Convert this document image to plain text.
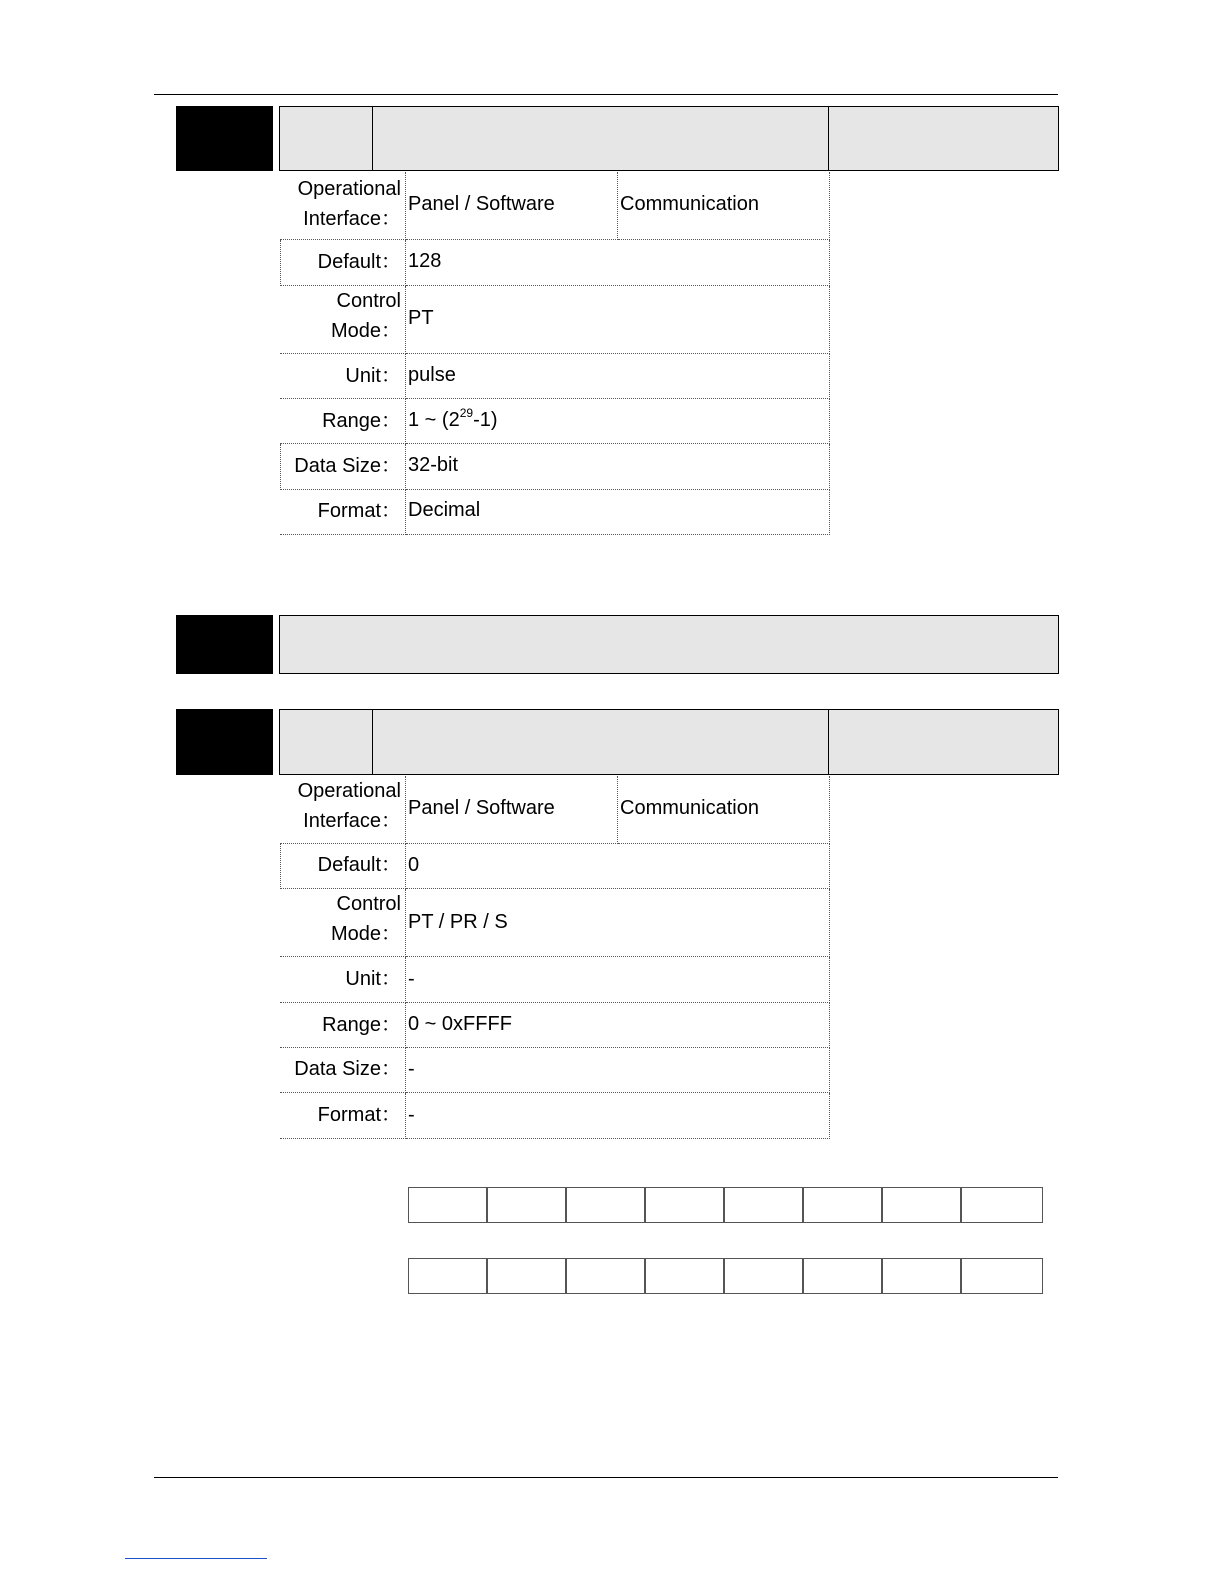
Operational
Interface：
Panel / Software	Communication
Default： 128
Control
Mode：
PT
Unit： pulse
Range： 1 ~ $(2^{29}-1)$
Data Size： 32-bit
Format： Decimal
Operational
Interface：
Panel / Software	Communication
Default： 0
Control
Mode：
PT / PR / S
Unit： -
Range： 0 ~ 0xFFFF
Data Size： -
Format： -
